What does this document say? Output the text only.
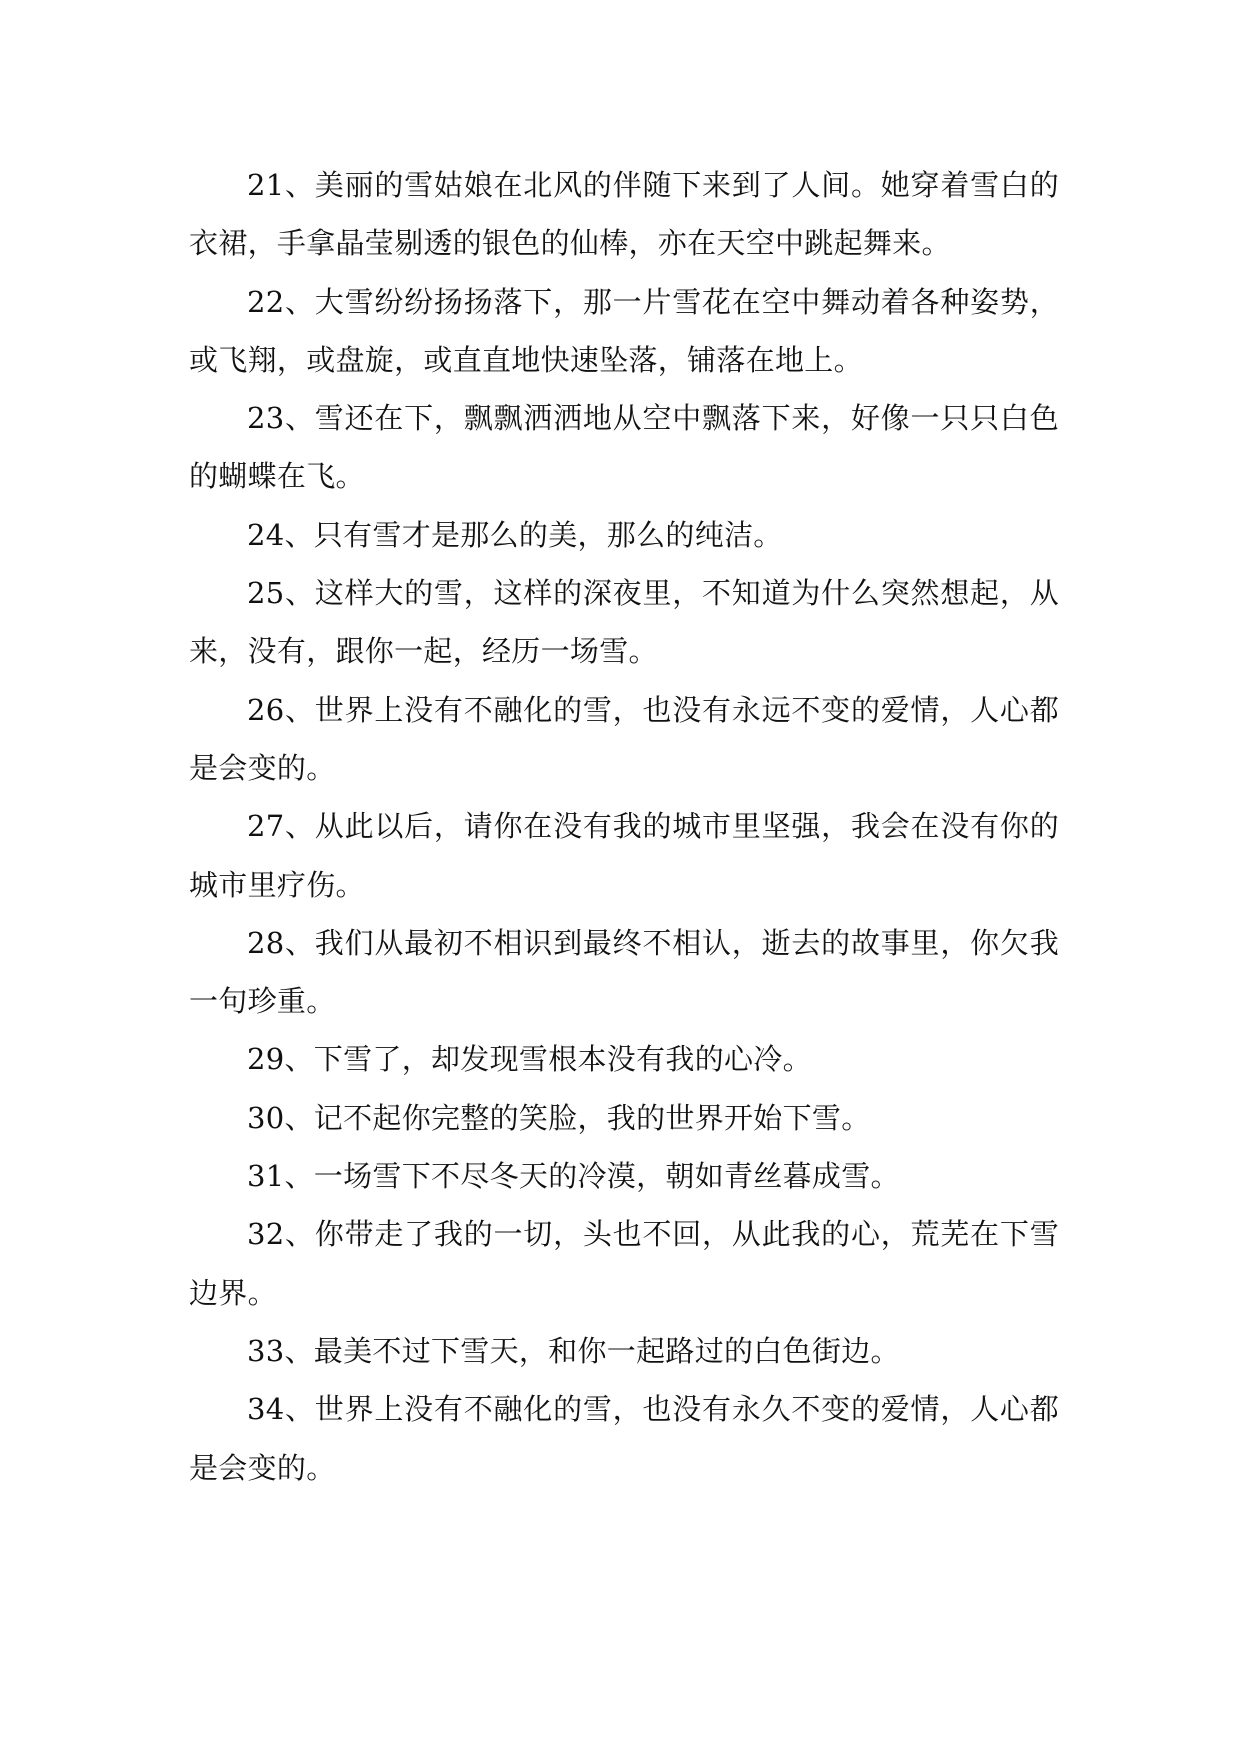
21、美丽的雪姑娘在北风的伴随下来到了人间。她穿着雪白的衣裙，手拿晶莹剔透的银色的仙棒，亦在天空中跳起舞来。

22、大雪纷纷扬扬落下，那一片雪花在空中舞动着各种姿势，或飞翔，或盘旋，或直直地快速坠落，铺落在地上。

23、雪还在下，飘飘洒洒地从空中飘落下来，好像一只只白色的蝴蝶在飞。

24、只有雪才是那么的美，那么的纯洁。

25、这样大的雪，这样的深夜里，不知道为什么突然想起，从来，没有，跟你一起，经历一场雪。

26、世界上没有不融化的雪，也没有永远不变的爱情，人心都是会变的。

27、从此以后，请你在没有我的城市里坚强，我会在没有你的城市里疗伤。

28、我们从最初不相识到最终不相认，逝去的故事里，你欠我一句珍重。

29、下雪了，却发现雪根本没有我的心冷。

30、记不起你完整的笑脸，我的世界开始下雪。

31、一场雪下不尽冬天的冷漠，朝如青丝暮成雪。

32、你带走了我的一切，头也不回，从此我的心，荒芜在下雪边界。

33、最美不过下雪天，和你一起路过的白色街边。

34、世界上没有不融化的雪，也没有永久不变的爱情，人心都是会变的。
